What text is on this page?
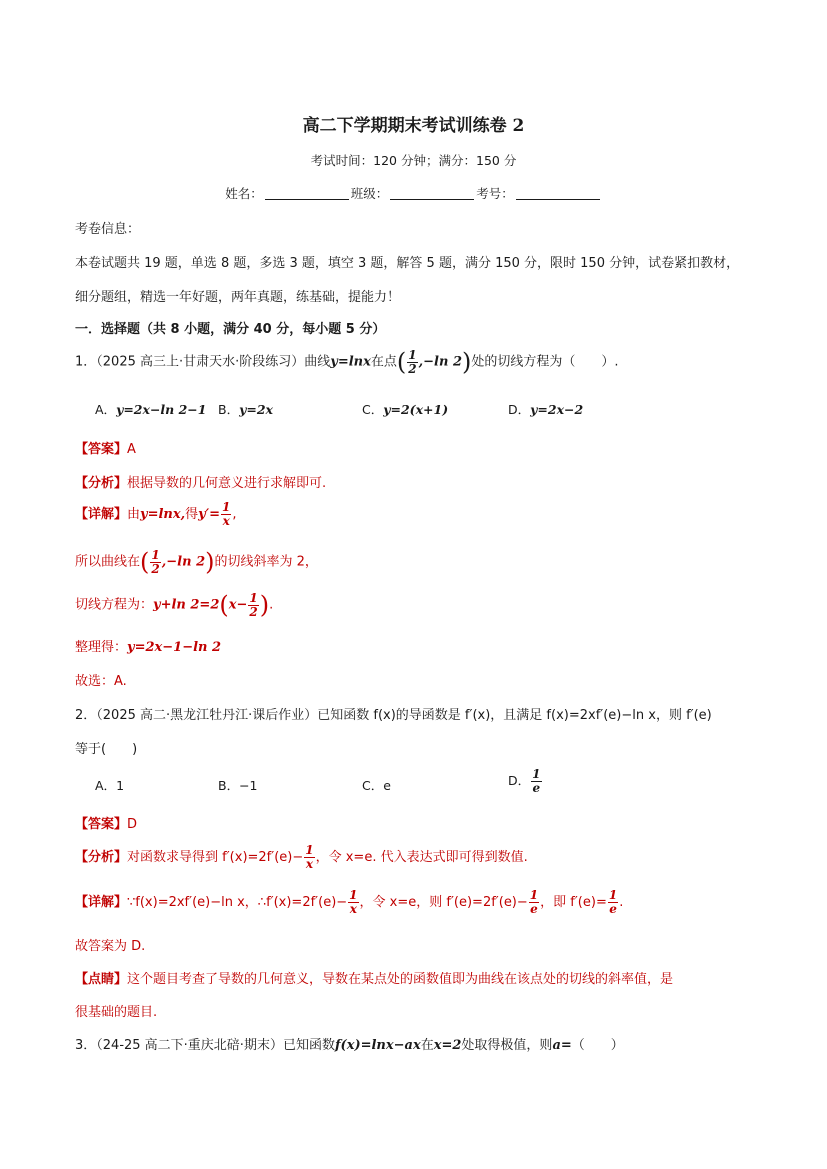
高二下学期期末考试训练卷 2
考试时间：120 分钟；满分：150 分
姓名：	班级：	考号：
考卷信息：
本卷试题共 19 题，单选 8 题，多选 3 题，填空 3 题，解答 5 题，满分 150 分，限时 150 分钟，试卷紧扣教材，
细分题组，精选一年好题，两年真题，练基础，提能力！
一．选择题（共 8 小题，满分 40 分，每小题 5 分）
1．（2025 高三上·甘肃天水·阶段练习）曲线y=lnx在点( $\frac{1}{2} ,-\ln$ 2)处的切线方程为（　　）.
A．y=2x−ln 2−1 B．y=2x	C．y=2(x+1)	D．y=2x−2
【答案】A
【分析】根据导数的几何意义进行求解即可.
【详解】由y=lnx,得$y'= \frac{1}{x}$ ,
所以曲线在( $\frac{1}{2} ,-\ln$ 2)的切线斜率为 2，
切线方程为：y+ln $2=2(x- \frac{1}{2}$ ).
整理得：y=2x−1−ln 2
故选：A.
2．（2025 高二·黑龙江牡丹江·课后作业）已知函数 f(x)的导函数是 f′(x)，且满足 f(x)=2xf′(e)−ln x，则 f′(e)
等于(　　)
A．1	B．−1	C．e	D． $\frac{1}{e}$
【答案】D
【分析】对函数求导得到 $f'(x)=2f'(e)- \frac{1}{x}$ ，令 x=e. 代入表达式即可得到数值.
【详解】∵f(x)=2xf′(e)−ln x，∴f′(x)=2f′(e)− $\frac{1}{x}$ ，令 x=e，则 $f'(e)=2f'(e)- \frac{1}{e}$ ，即 $f'(e)= \frac{1}{e}$ .
故答案为 D.
【点睛】这个题目考查了导数的几何意义，导数在某点处的函数值即为曲线在该点处的切线的斜率值，是
很基础的题目.
3．（24-25 高二下·重庆北碚·期末）已知函数f(x)=lnx−ax在x=2处取得极值，则a=（　　）
